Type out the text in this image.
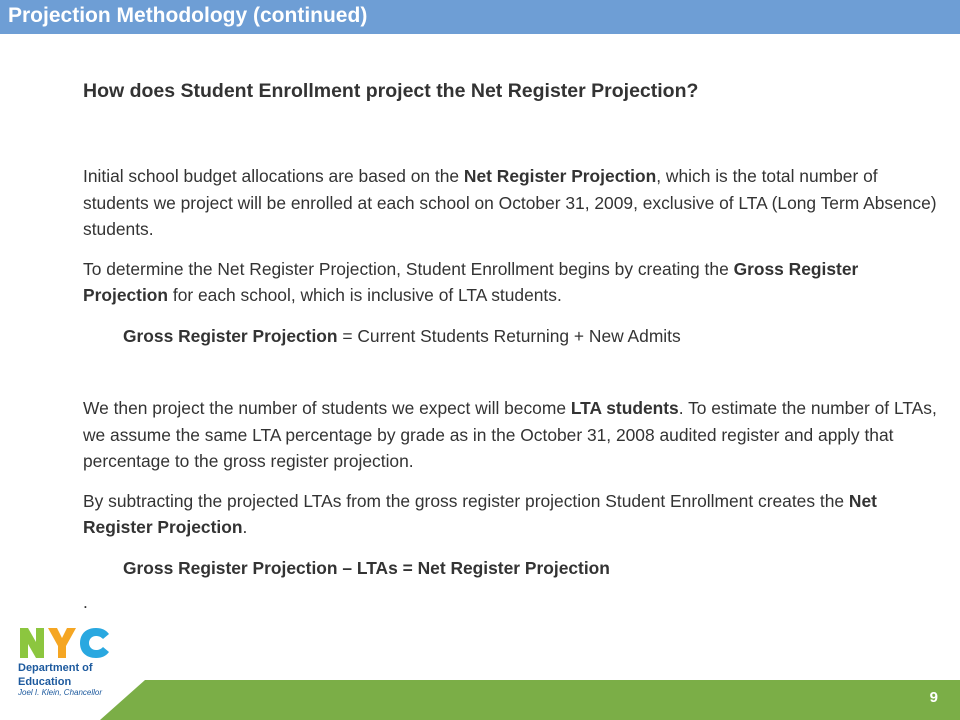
Projection Methodology (continued)
How does Student Enrollment project the Net Register Projection?

Initial school budget allocations are based on the Net Register Projection, which is the total number of students we project will be enrolled at each school on October 31, 2009, exclusive of LTA (Long Term Absence) students.

To determine the Net Register Projection, Student Enrollment begins by creating the Gross Register Projection for each school, which is inclusive of LTA students.

Gross Register Projection = Current Students Returning + New Admits

We then project the number of students we expect will become LTA students. To estimate the number of LTAs, we assume the same LTA percentage by grade as in the October 31, 2008 audited register and apply that percentage to the gross register projection.

By subtracting the projected LTAs from the gross register projection Student Enrollment creates the Net Register Projection.

Gross Register Projection – LTAs = Net Register Projection

.

Department of
Education
Joel I. Klein, Chancellor	9
